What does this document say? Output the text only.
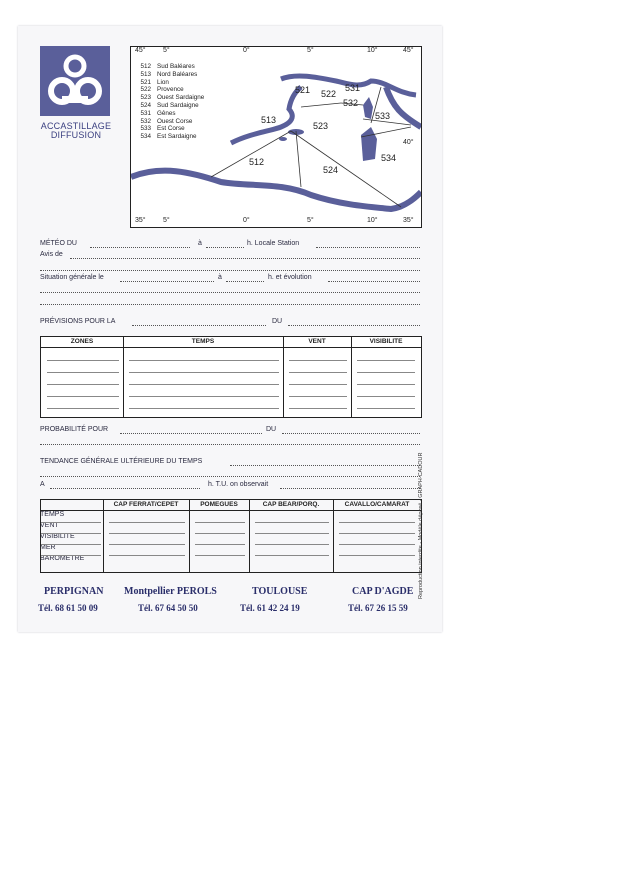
ACCASTILLAGE
DIFFUSION
512 Sud Baléares
513 Nord Baléares
521 Lion
522 Provence
523 Ouest Sardaigne
524 Sud Sardaigne
531 Gênes
532 Ouest Corse
533 Est Corse
534 Est Sardaigne
45° 5°	0°	5°	10°	45°
35° 5°	0°	5°	10°	35°
40°
531
521 522
532
533
513
523
534
512
524
MÉTÉO DU	à	h. Locale Station
Avis de
Situation générale le	à	h. et évolution
PRÉVISIONS POUR LA	DU
ZONES	TEMPS	VENT	VISIBILITE
PROBABILITÉ POUR	DU
TENDANCE GÉNÉRALE ULTÉRIEURE DU TEMPS
A	h. T.U. on observait
TEMPS
VENT
VISIBILITE
MER
BAROMETRE
CAP FERRAT/CEPET	POMEGUES	CAP BEAR/PORQ.	CAVALLO/CAMARAT	Reproduction interdite - Modèle déposé - GRAPH-CADOUR
PERPIGNAN
Tél. 68 61 50 09
Montpellier PEROLS
Tél. 67 64 50 50
TOULOUSE
Tél. 61 42 24 19
CAP D'AGDE
Tél. 67 26 15 59
